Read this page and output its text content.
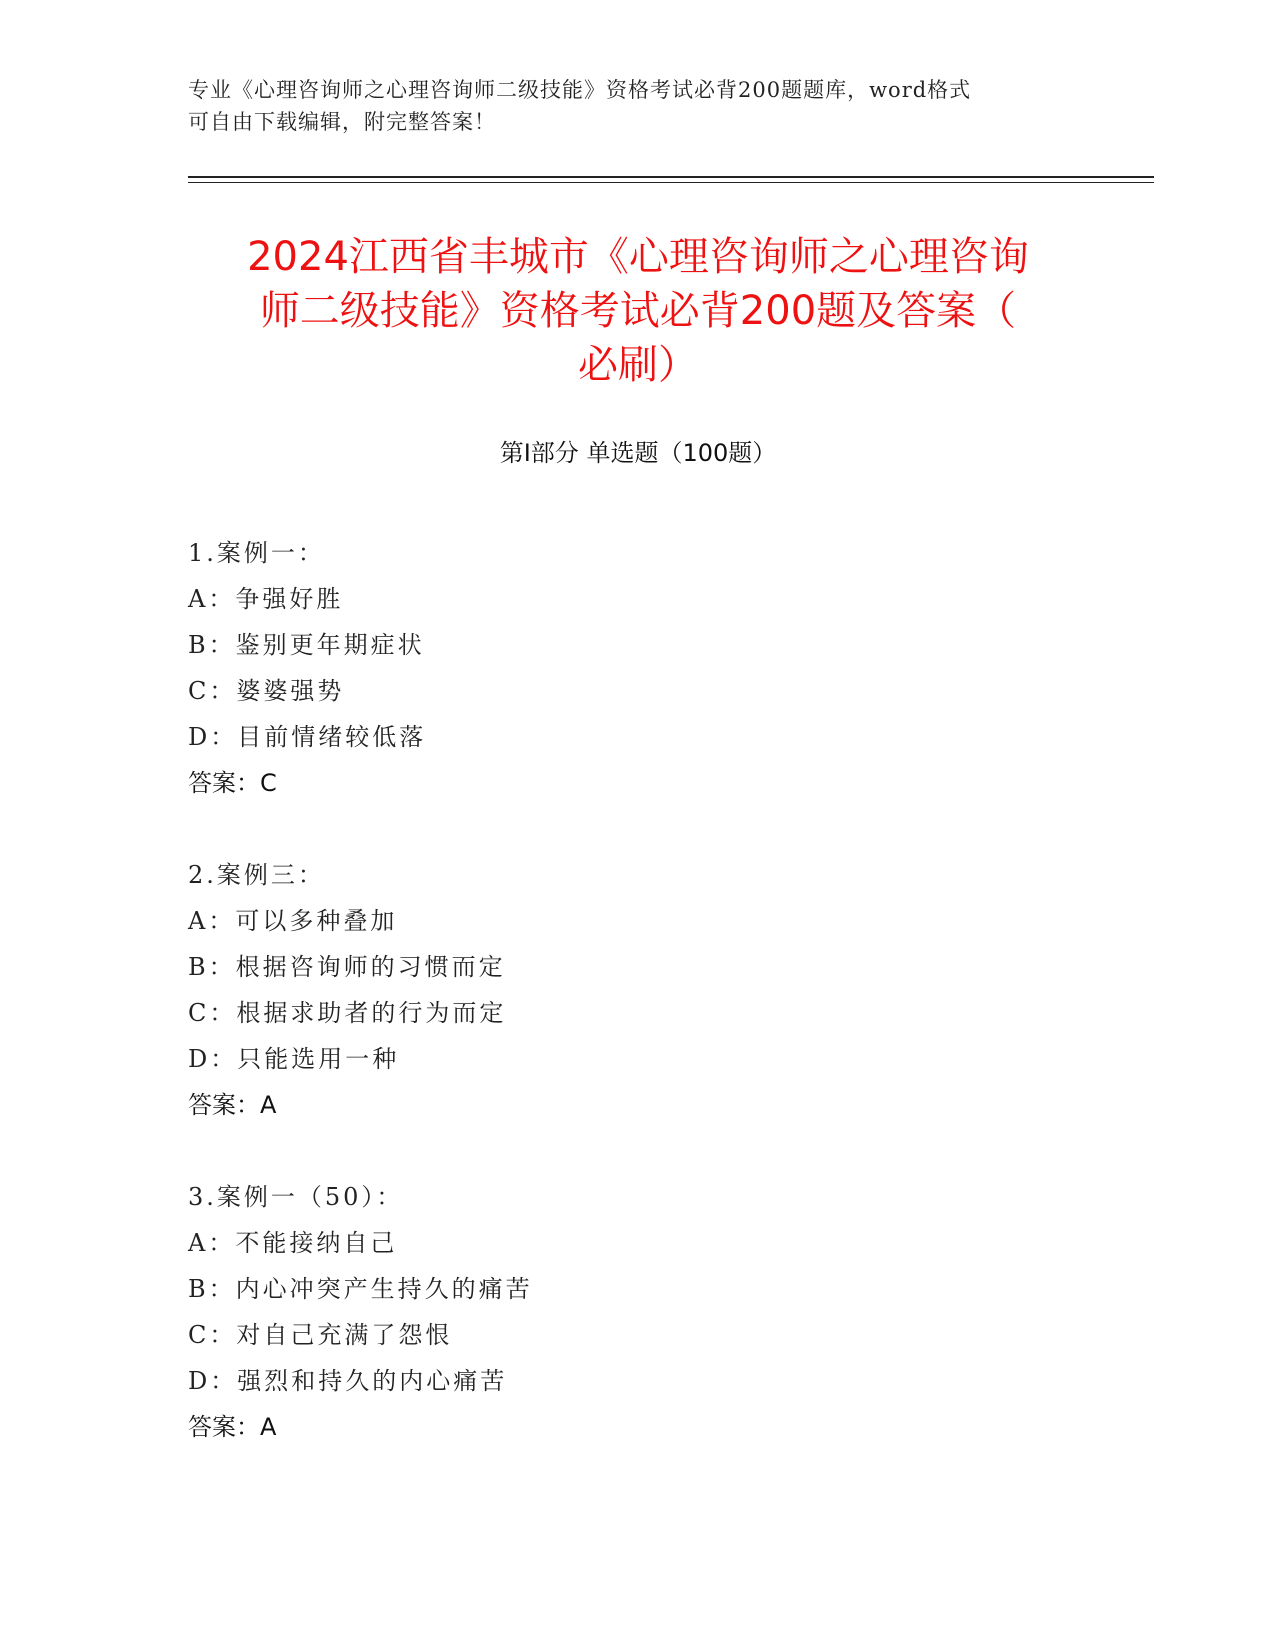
专业《心理咨询师之心理咨询师二级技能》资格考试必背200题题库，word格式
可自由下载编辑，附完整答案！
2024江西省丰城市《心理咨询师之心理咨询
师二级技能》资格考试必背200题及答案（
必刷）
第Ⅰ部分 单选题（100题）
1.案例一：
A：争强好胜
B：鉴别更年期症状
C：婆婆强势
D：目前情绪较低落
答案：C
2.案例三：
A：可以多种叠加
B：根据咨询师的习惯而定
C：根据求助者的行为而定
D：只能选用一种
答案：A
3.案例一（50）：
A：不能接纳自己
B：内心冲突产生持久的痛苦
C：对自己充满了怨恨
D：强烈和持久的内心痛苦
答案：A
